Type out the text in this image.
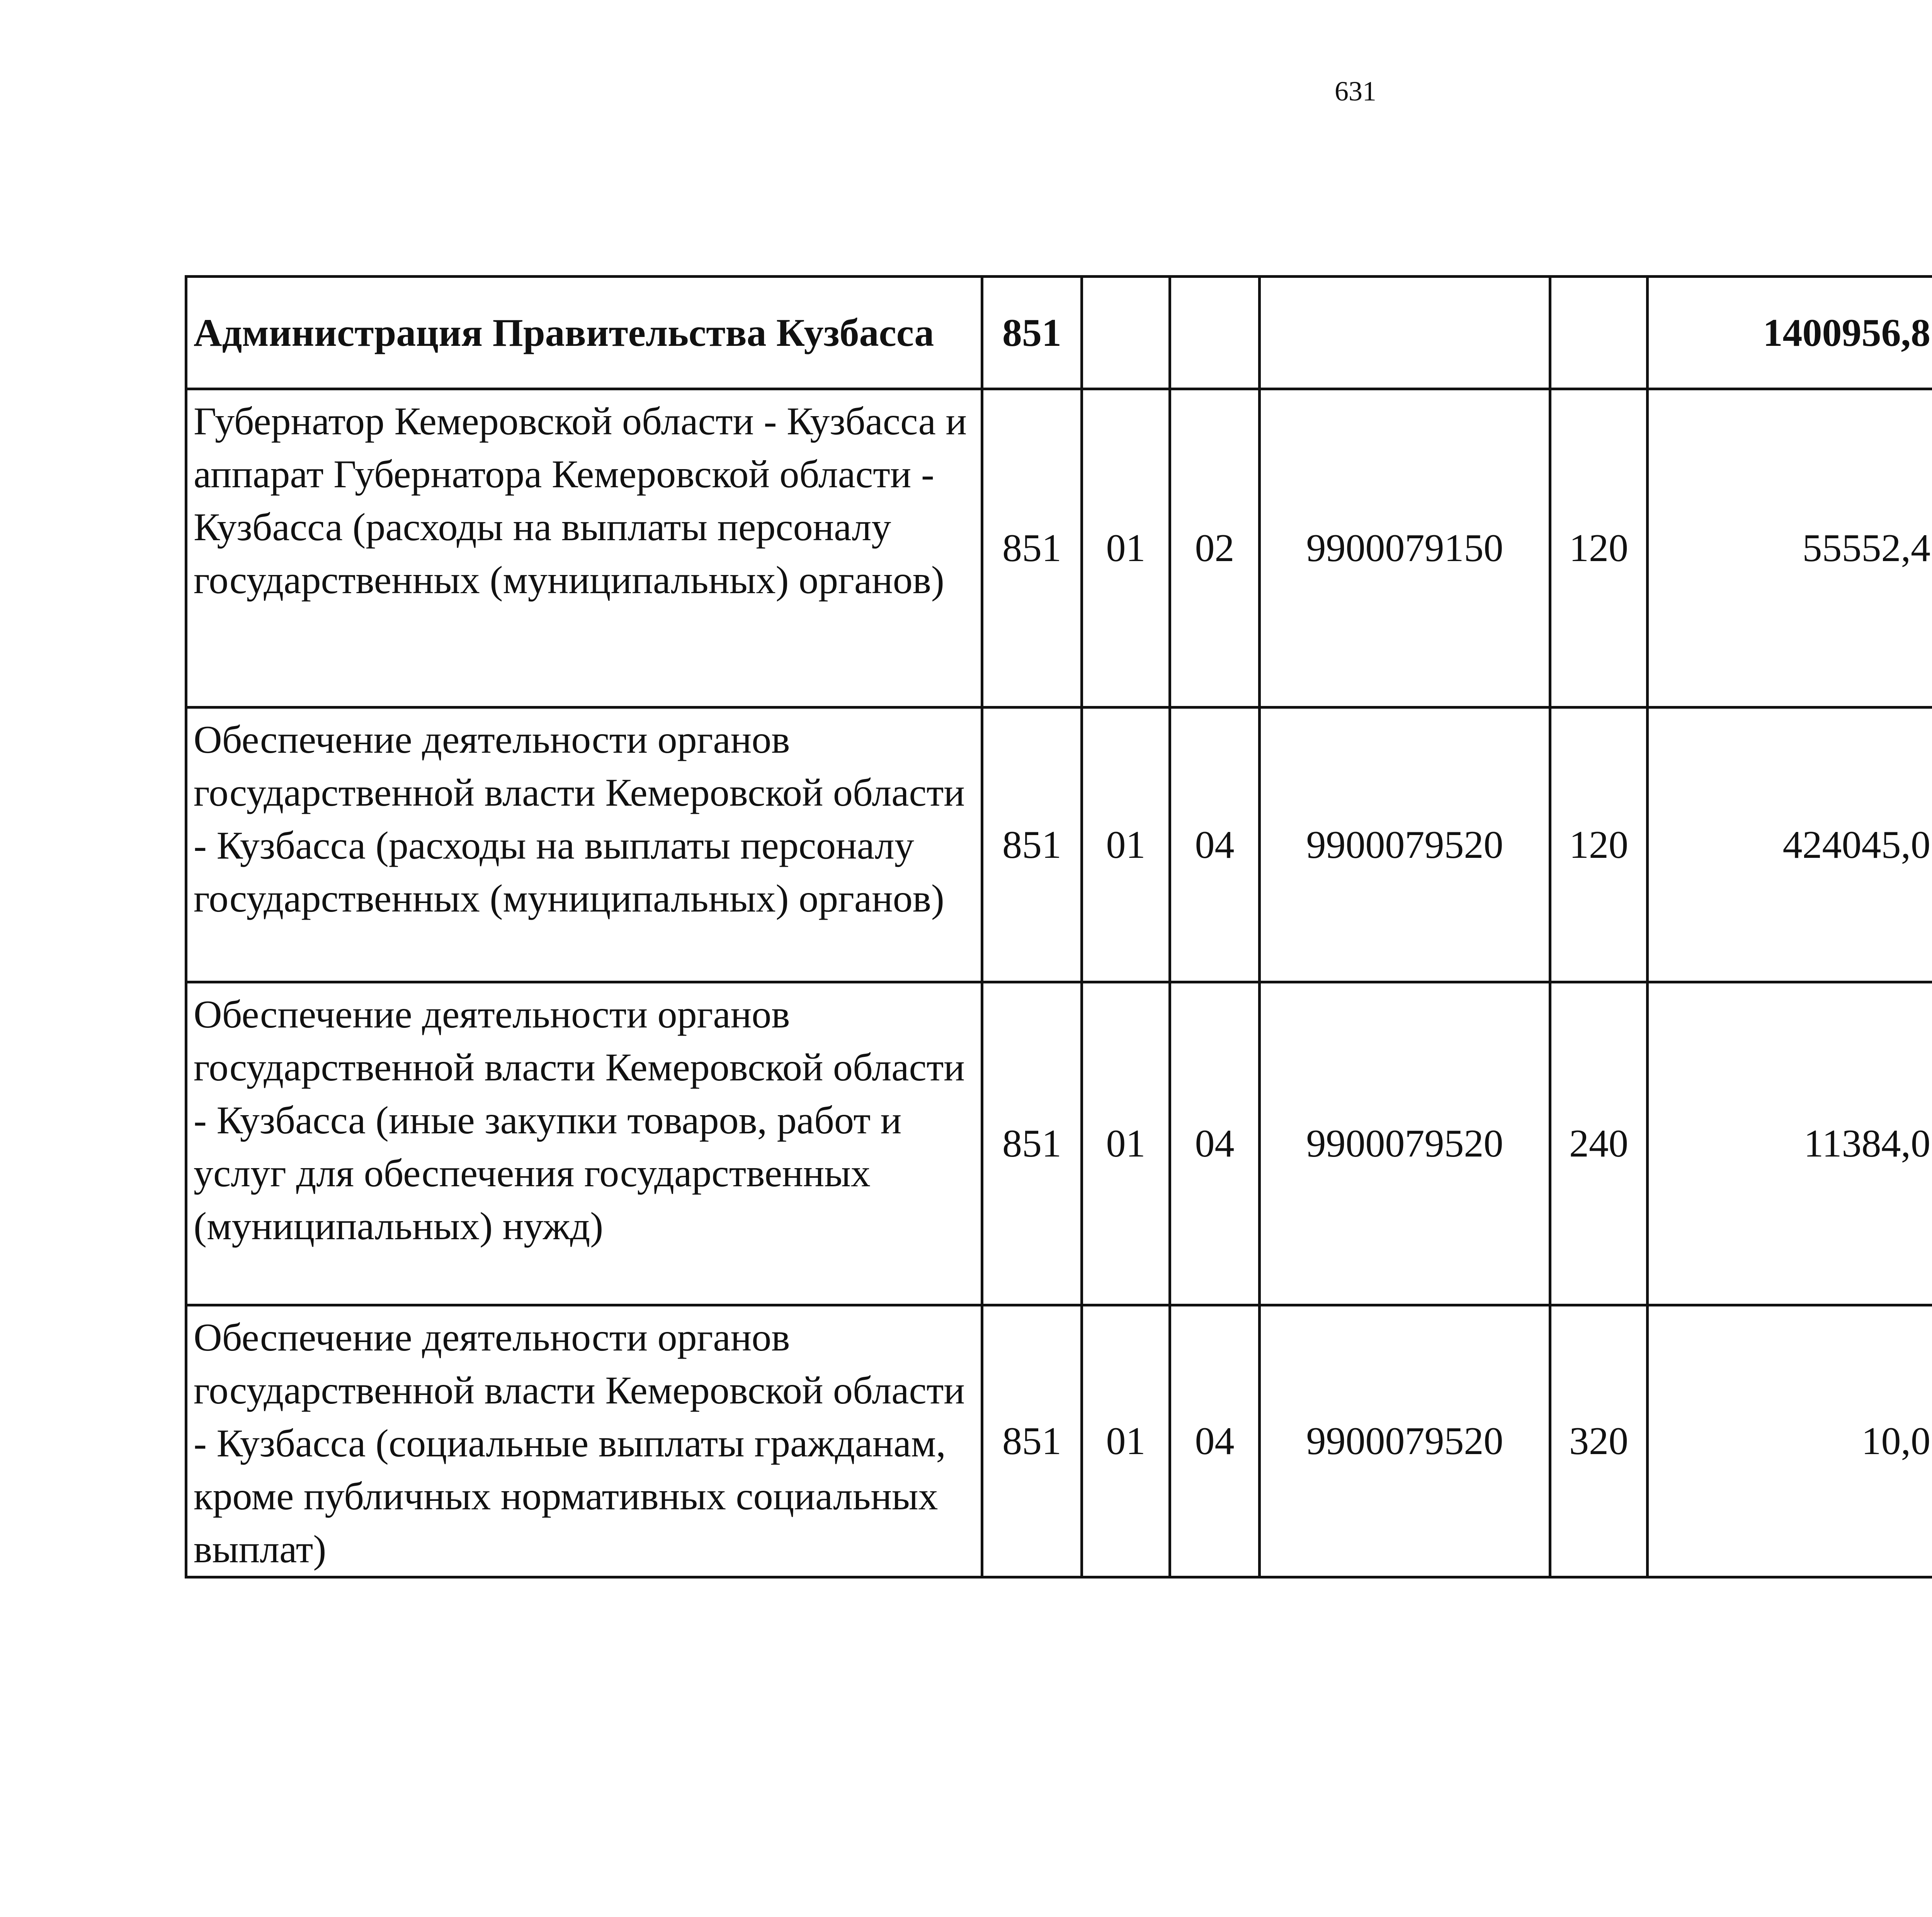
631
Администрация Правительства Кузбасса	851					1400956,8		
Губернатор Кемеровской области - Кузбасса и аппарат Губернатора Кемеровской области - Кузбасса (расходы на выплаты персоналу государственных (муниципальных) органов)	851	01	02	9900079150	120	55552,4		
Обеспечение деятельности органов государственной власти Кемеровской области - Кузбасса (расходы на выплаты персоналу государственных (муниципальных) органов)	851	01	04	9900079520	120	424045,0		
Обеспечение деятельности органов государственной власти Кемеровской области - Кузбасса (иные закупки товаров, работ и услуг для обеспечения государственных (муниципальных) нужд)	851	01	04	9900079520	240	11384,0		
Обеспечение деятельности органов государственной власти Кемеровской области - Кузбасса (социальные выплаты гражданам, кроме публичных нормативных социальных выплат)	851	01	04	9900079520	320	10,0		
